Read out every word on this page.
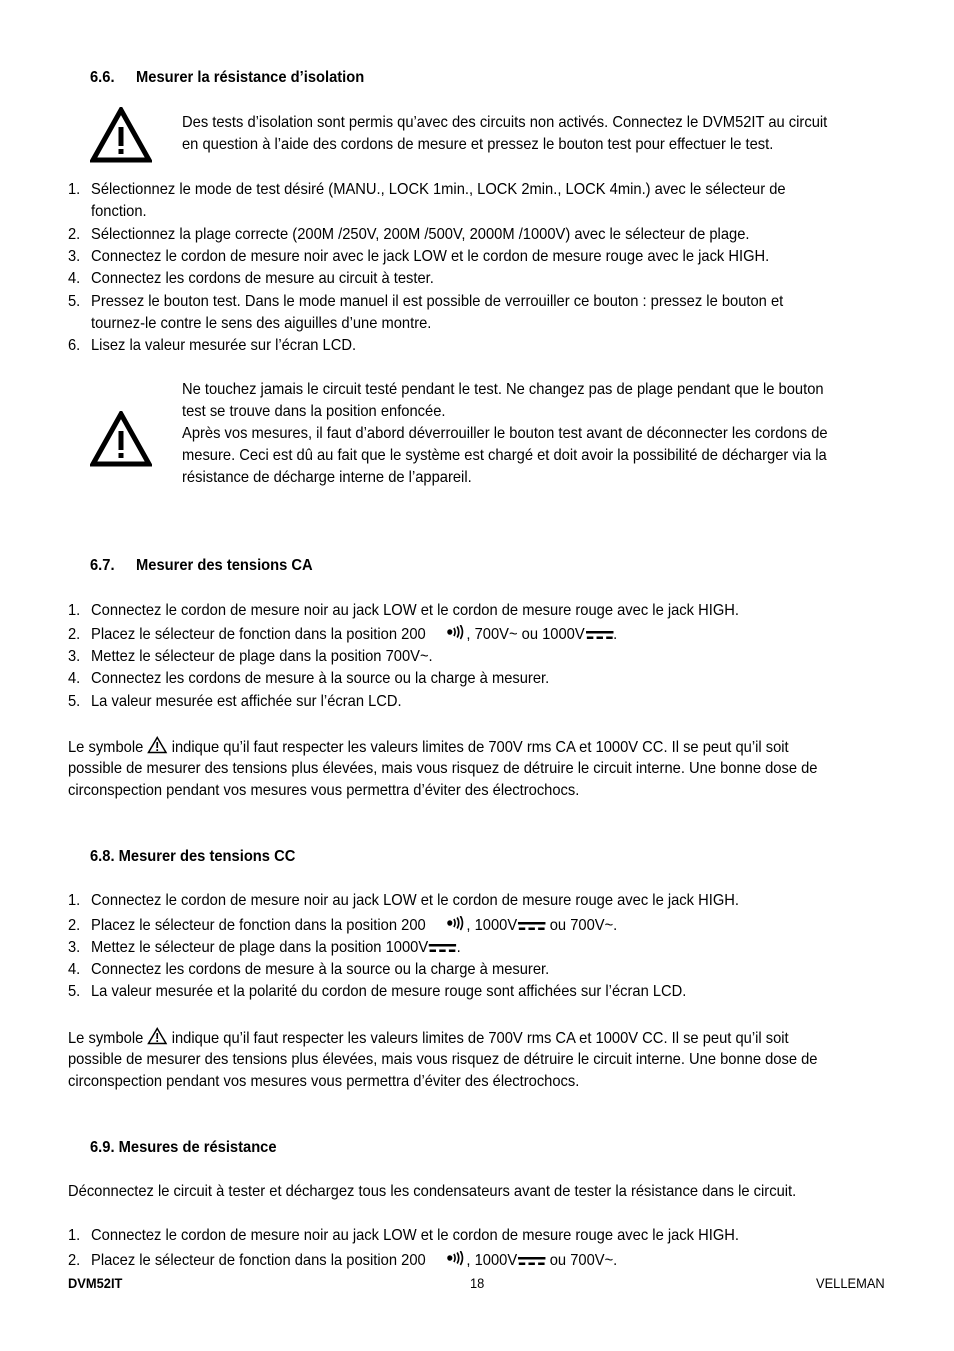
6.6. Mesurer la résistance d’isolation
Des tests d’isolation sont permis qu’avec des circuits non activés. Connectez le DVM52IT au circuit
en question à l’aide des cordons de mesure et pressez le bouton test pour effectuer le test.
1. Sélectionnez le mode de test désiré (MANU., LOCK 1min., LOCK 2min., LOCK 4min.) avec le sélecteur de
fonction.
2. Sélectionnez la plage correcte (200M /250V, 200M /500V, 2000M /1000V) avec le sélecteur de plage.
3. Connectez le cordon de mesure noir avec le jack LOW et le cordon de mesure rouge avec le jack HIGH.
4. Connectez les cordons de mesure au circuit à tester.
5. Pressez le bouton test. Dans le mode manuel il est possible de verrouiller ce bouton : pressez le bouton et
tournez-le contre le sens des aiguilles d’une montre.
6. Lisez la valeur mesurée sur l’écran LCD.
Ne touchez jamais le circuit testé pendant le test. Ne changez pas de plage pendant que le bouton
test se trouve dans la position enfoncée.
Après vos mesures, il faut d’abord déverrouiller le bouton test avant de déconnecter les cordons de
mesure. Ceci est dû au fait que le système est chargé et doit avoir la possibilité de décharger via la
résistance de décharge interne de l’appareil.
6.7. Mesurer des tensions CA
1. Connectez le cordon de mesure noir au jack LOW et le cordon de mesure rouge avec le jack HIGH.
2. Placez le sélecteur de fonction dans la position 200	, 700V~ ou 1000V .
3. Mettez le sélecteur de plage dans la position 700V~.
4. Connectez les cordons de mesure à la source ou la charge à mesurer.
5. La valeur mesurée est affichée sur l’écran LCD.
Le symbole indique qu’il faut respecter les valeurs limites de 700V rms CA et 1000V CC. Il se peut qu’il soit
possible de mesurer des tensions plus élevées, mais vous risquez de détruire le circuit interne. Une bonne dose de
circonspection pendant vos mesures vous permettra d’éviter des électrochocs.
6.8. Mesurer des tensions CC
1. Connectez le cordon de mesure noir au jack LOW et le cordon de mesure rouge avec le jack HIGH.
2. Placez le sélecteur de fonction dans la position 200	, 1000V ou 700V~.
3. Mettez le sélecteur de plage dans la position 1000V .
4. Connectez les cordons de mesure à la source ou la charge à mesurer.
5. La valeur mesurée et la polarité du cordon de mesure rouge sont affichées sur l’écran LCD.
Le symbole indique qu’il faut respecter les valeurs limites de 700V rms CA et 1000V CC. Il se peut qu’il soit
possible de mesurer des tensions plus élevées, mais vous risquez de détruire le circuit interne. Une bonne dose de
circonspection pendant vos mesures vous permettra d’éviter des électrochocs.
6.9. Mesures de résistance
Déconnectez le circuit à tester et déchargez tous les condensateurs avant de tester la résistance dans le circuit.
1. Connectez le cordon de mesure noir au jack LOW et le cordon de mesure rouge avec le jack HIGH.
2. Placez le sélecteur de fonction dans la position 200	, 1000V ou 700V~.
DVM52IT	18	VELLEMAN
